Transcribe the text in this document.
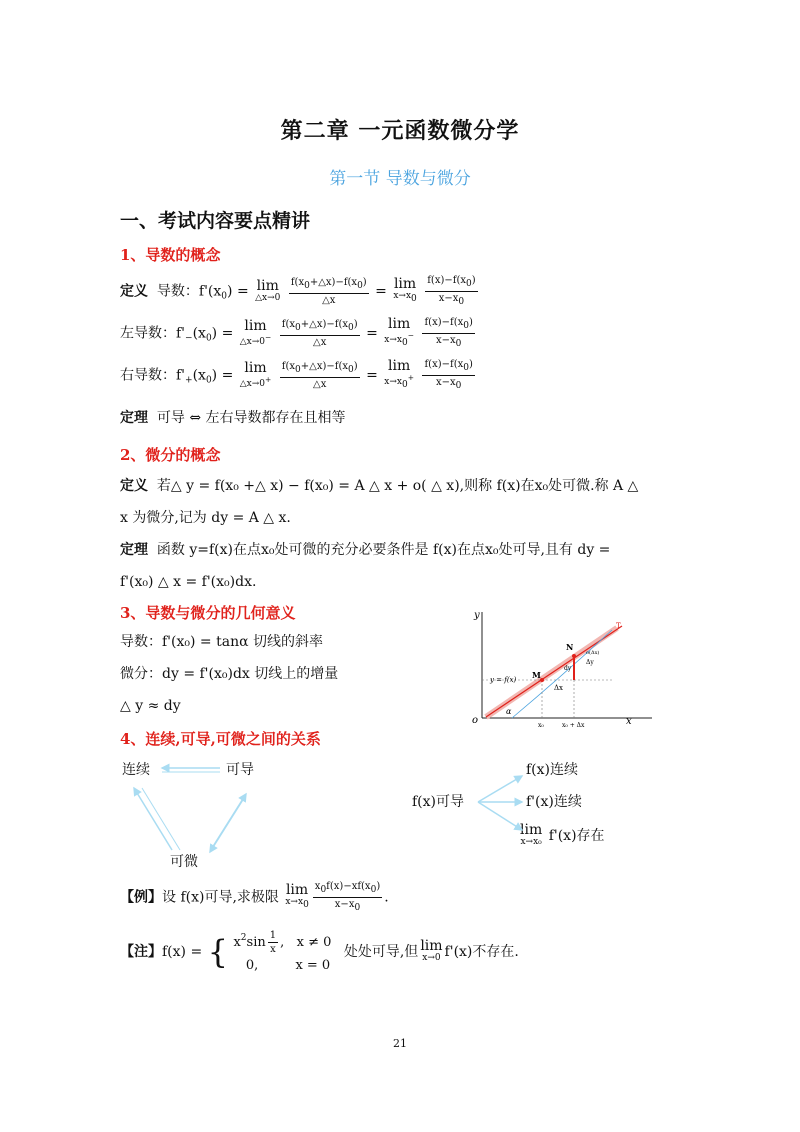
第二章 一元函数微分学
第一节 导数与微分
一、考试内容要点精讲
1、导数的概念
定义 导数：$f'(x_0) = \lim$
△x→0
$\frac{f(x0+\triangle x)-f(x0)}{\triangle x} = \lim$
x→x0
$\frac{f(x)-f(x0)}{x-x0}$
左导数：$f'_-(x_0) = \lim$
△x→0−
$\frac{f(x0+\triangle x)-f(x0)}{\triangle x}$ =
lim
x→x0−
$\frac{f(x)-f(x0)}{x-x0}$
右导数：$f'_+(x_0) = \lim$
△x→0+
$\frac{f(x0+\triangle x)-f(x0)}{\triangle x}$ =
lim
x→x0+
$\frac{f(x)-f(x0)}{x-x0}$
定理 可导 ⇔ 左右导数都存在且相等
2、微分的概念
定义 若△ y = f(x₀ +△ x) − f(x₀) = A △ x + o( △ x),则称 f(x)在x₀处可微.称 A △
x 为微分,记为 dy = A △ x.
定理 函数 y=f(x)在点x₀处可微的充分必要条件是 f(x)在点x₀处可导,且有 dy =
f'(x₀) △ x = f'(x₀)dx.
3、导数与微分的几何意义
导数：f'(x₀) = tanα 切线的斜率
微分：dy = f'(x₀)dx 切线上的增量
△ y ≈ dy
y
x
o
y = f(x) M
N
T
Δx
dy
Δy
o(Δx)
α
x₀	x₀ + Δx
4、连续,可导,可微之间的关系
连续	可导
可微
f(x)可导
f(x)连续
f'(x)连续
lim
x→x₀ f'(x)存在
【例】设 f(x)可导,求极限 lim
$x\to x0 \frac{x0f(x)-xf(x0)}{x-x0}$ .
【注】f(x) = { $x^2\sin \frac{1}{x}$ ,   x ≠ 0
0,         x = 0
处处可导,但 lim
x→0 f'(x)不存在.
21
